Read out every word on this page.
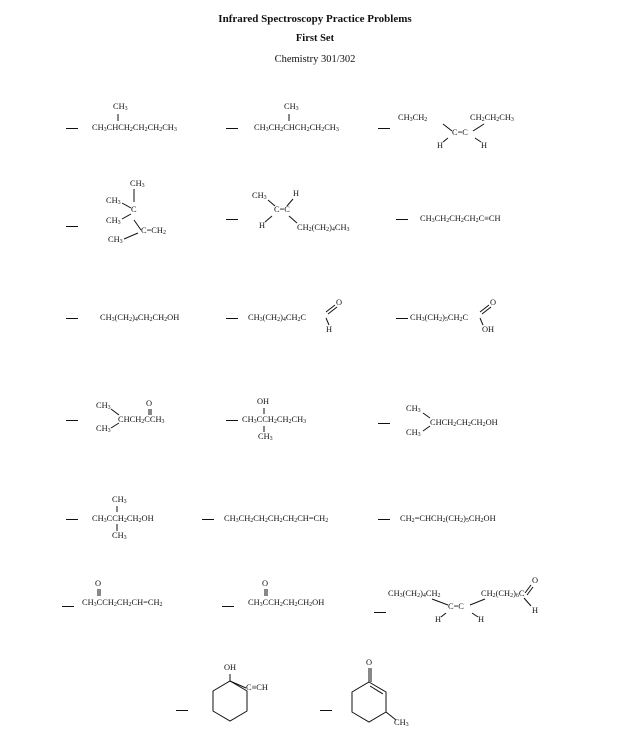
Infrared Spectroscopy Practice Problems
First Set
Chemistry 301/302
$CH_3$
$CH_3CHCH_2CH_2CH_2CH_3$
$CH_3$
$CH_3CH_2CHCH_2CH_2CH_3$
$CH_3CH_2$	$CH_2CH_2CH_3$
C=C
H	H
$CH_3$
$CH_3$
C
$CH_3$
$C=CH_2$
$CH_3$
$CH_3$	H
C=C
H	$CH_2(CH_2)_4CH_3$
$CH_3CH_2CH_2CH_2C\equiv CH$
$CH_3(CH_2)_4CH_2CH_2OH$	$CH_3(CH_2)_4CH_2C$
O
H
$CH_3(CH_2)_5CH_2C$
O
OH
$CH_3$
$CH_3$
$CHCH_2CCH_3$
O	OH
$CH_3CCH_2CH_2CH_3$
$CH_3$
$CH_3$
$CH_3$
$CHCH_2CH_2CH_2OH$
$CH_3$
$CH_3CCH_2CH_2OH$
$CH_3$
$CH_3CH_2CH_2CH_2CH_2CH=CH_2$	$CH_2=CHCH_2(CH_2)_5CH_2OH$
O
$CH_3CCH_2CH_2CH=CH_2$
O
$CH_3CCH_2CH_2CH_2OH$
$CH_3(CH_2)_4CH_2$	$CH_2(CH_2)_6C$
C=C
H	H
O
H
OH
C≡CH
O
$CH_3$
